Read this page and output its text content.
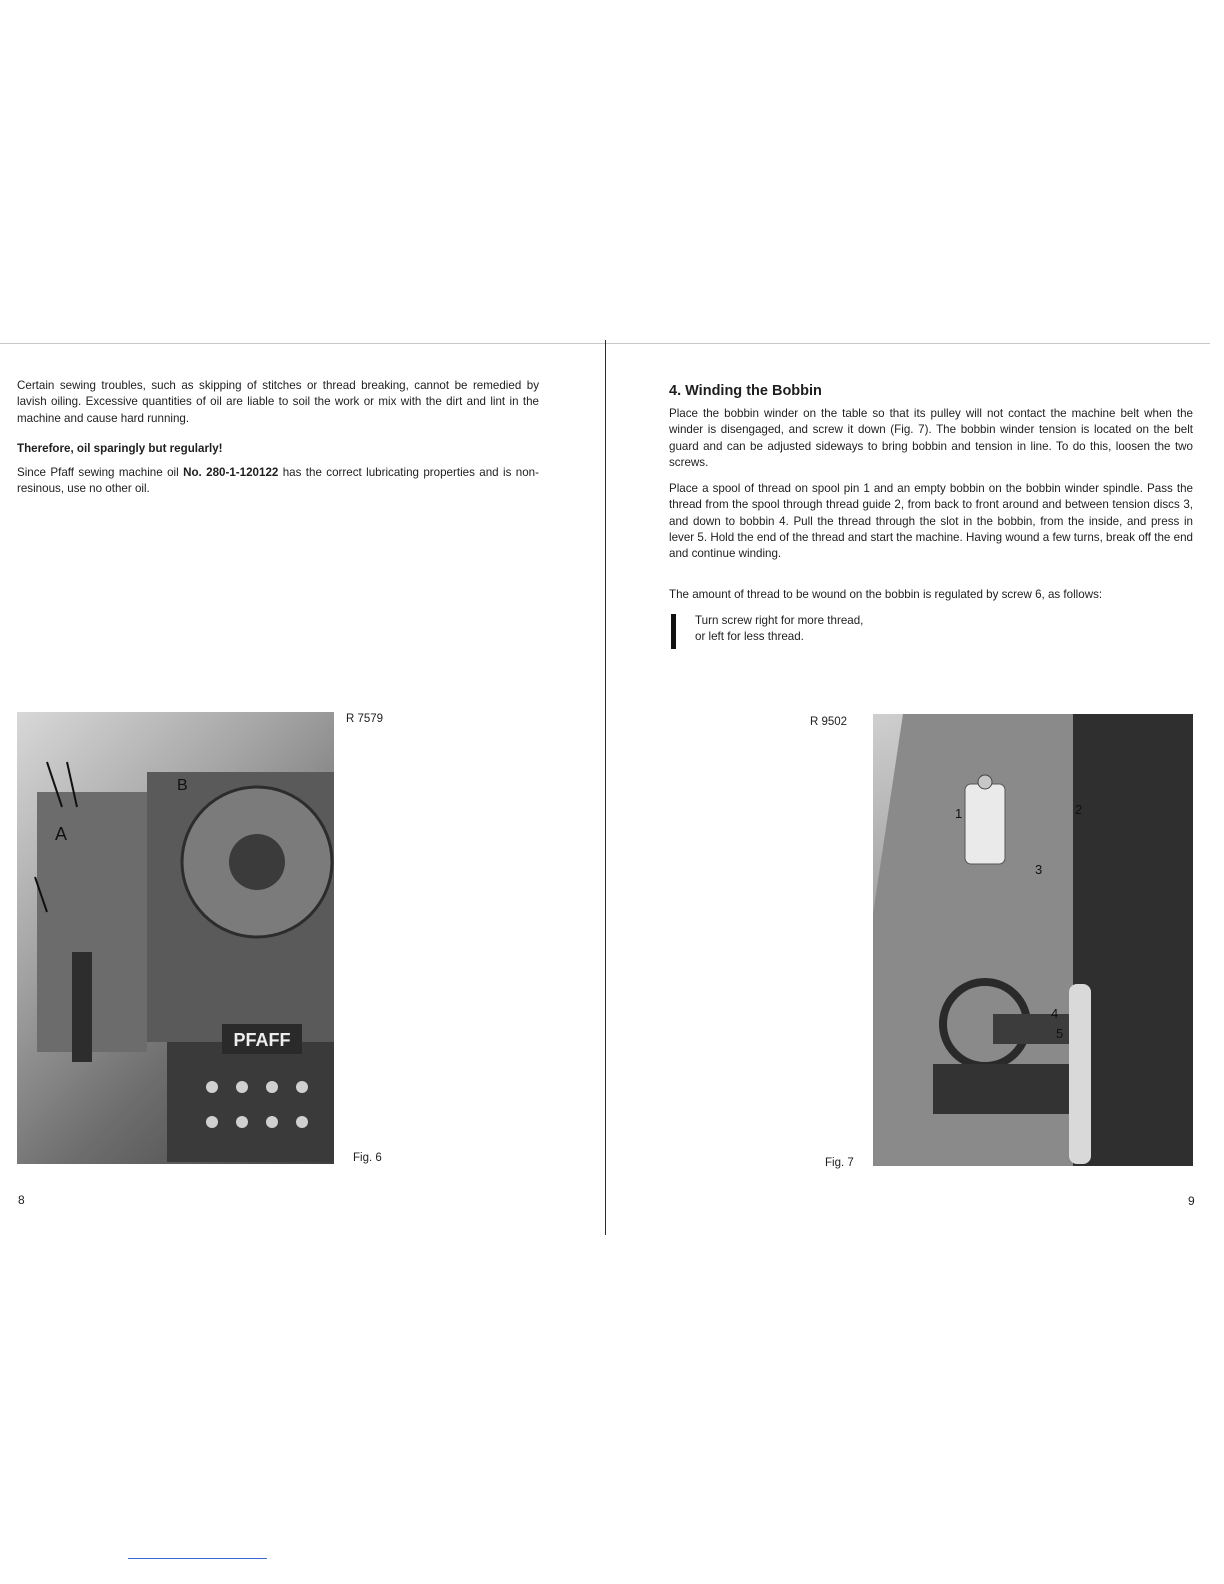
Certain sewing troubles, such as skipping of stitches or thread breaking, cannot be remedied by lavish oiling. Excessive quantities of oil are liable to soil the work or mix with the dirt and lint in the machine and cause hard running.

Therefore, oil sparingly but regularly!

Since Pfaff sewing machine oil No. 280-1-120122 has the correct lubricating properties and is non-resinous, use no other oil.

PFAFF
A
B
R 7579
Fig. 6
8
4. Winding the Bobbin

Place the bobbin winder on the table so that its pulley will not contact the machine belt when the winder is disengaged, and screw it down (Fig. 7). The bobbin winder tension is located on the belt guard and can be adjusted sideways to bring bobbin and tension in line. To do this, loosen the two screws.

Place a spool of thread on spool pin 1 and an empty bobbin on the bobbin winder spindle. Pass the thread from the spool through thread guide 2, from back to front around and between tension discs 3, and down to bobbin 4. Pull the thread through the slot in the bobbin, from the inside, and press in lever 5. Hold the end of the thread and start the machine. Having wound a few turns, break off the end and continue winding.

The amount of thread to be wound on the bobbin is regulated by screw 6, as follows:

Turn screw right for more thread,
or left for less thread.
R 9502
1	2
3
4
5
Fig. 7
9
